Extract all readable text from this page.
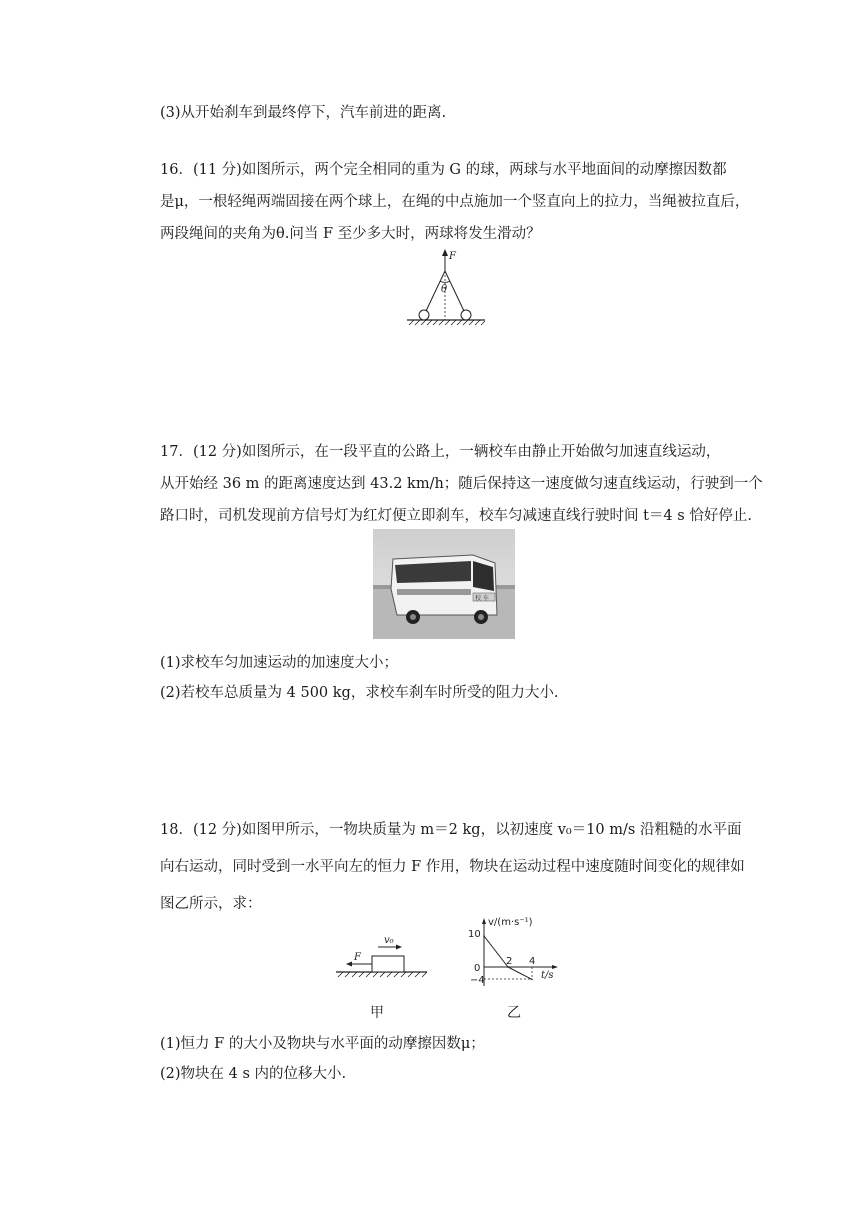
(3)从开始刹车到最终停下，汽车前进的距离.
16．(11 分)如图所示，两个完全相同的重为 G 的球，两球与水平地面间的动摩擦因数都
是μ，一根轻绳两端固接在两个球上，在绳的中点施加一个竖直向上的拉力，当绳被拉直后，
两段绳间的夹角为θ.问当 F 至少多大时，两球将发生滑动？
F
θ
17．(12 分)如图所示，在一段平直的公路上，一辆校车由静止开始做匀加速直线运动，
从开始经 36 m 的距离速度达到 43.2 km/h；随后保持这一速度做匀速直线运动，行驶到一个
路口时，司机发现前方信号灯为红灯便立即刹车，校车匀减速直线行驶时间 t＝4 s 恰好停止.
校 车
(1)求校车匀加速运动的加速度大小；
(2)若校车总质量为 4 500 kg，求校车刹车时所受的阻力大小.
18．(12 分)如图甲所示，一物块质量为 m＝2 kg，以初速度 v₀＝10 m/s 沿粗糙的水平面
向右运动，同时受到一水平向左的恒力 F 作用，物块在运动过程中速度随时间变化的规律如
图乙所示，求：
v₀
F
甲
v/(m·s⁻¹)
10
0
−4
2 4
t/s
乙
(1)恒力 F 的大小及物块与水平面的动摩擦因数μ；
(2)物块在 4 s 内的位移大小.
